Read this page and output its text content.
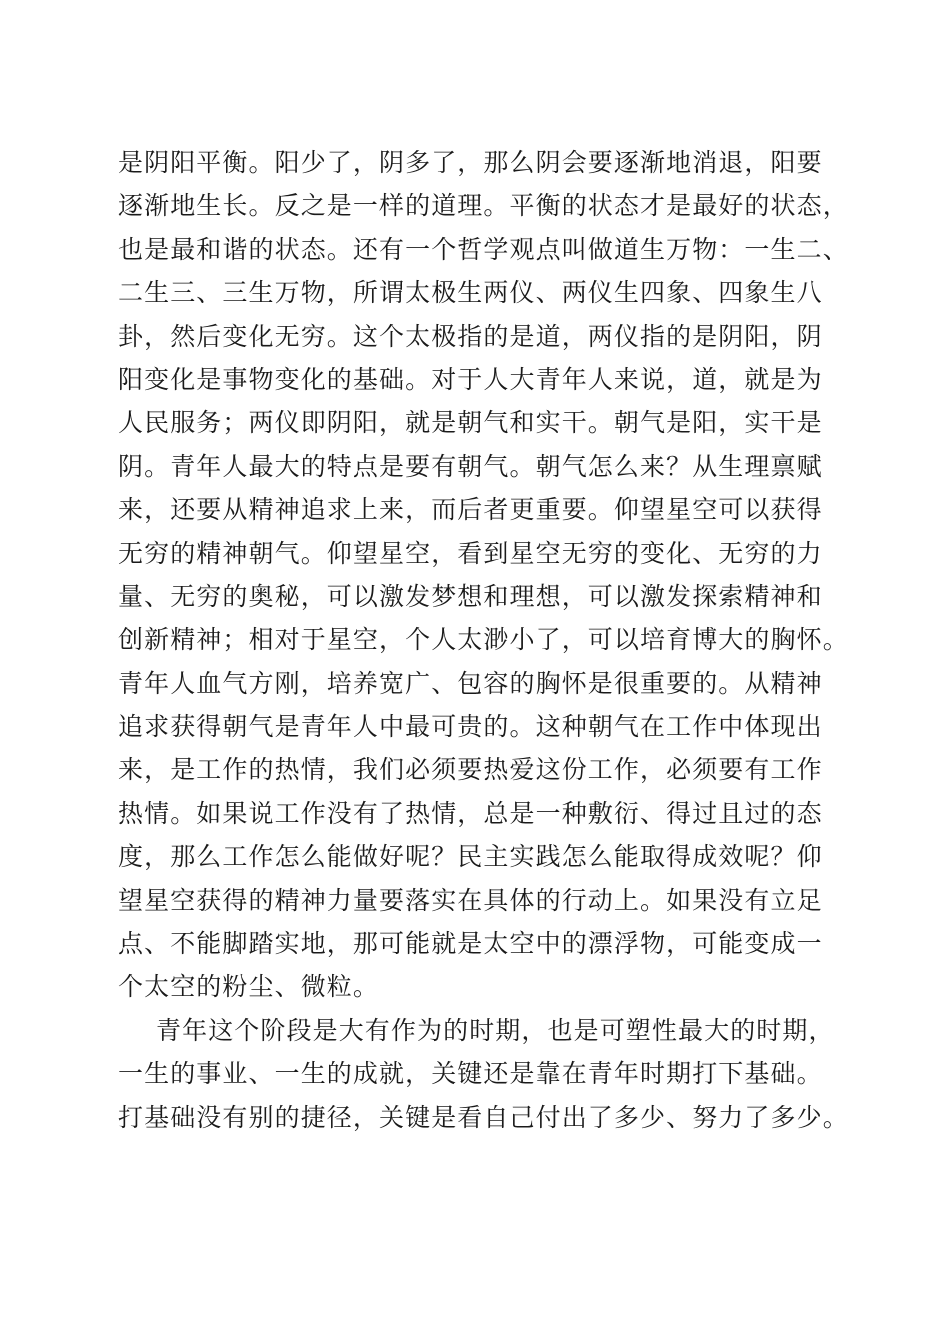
是阴阳平衡。阳少了，阴多了，那么阴会要逐渐地消退，阳要
逐渐地生长。反之是一样的道理。平衡的状态才是最好的状态，
也是最和谐的状态。还有一个哲学观点叫做道生万物：一生二、
二生三、三生万物，所谓太极生两仪、两仪生四象、四象生八
卦，然后变化无穷。这个太极指的是道，两仪指的是阴阳，阴
阳变化是事物变化的基础。对于人大青年人来说，道，就是为
人民服务；两仪即阴阳，就是朝气和实干。朝气是阳，实干是
阴。青年人最大的特点是要有朝气。朝气怎么来？从生理禀赋
来，还要从精神追求上来，而后者更重要。仰望星空可以获得
无穷的精神朝气。仰望星空，看到星空无穷的变化、无穷的力
量、无穷的奥秘，可以激发梦想和理想，可以激发探索精神和
创新精神；相对于星空，个人太渺小了，可以培育博大的胸怀。
青年人血气方刚，培养宽广、包容的胸怀是很重要的。从精神
追求获得朝气是青年人中最可贵的。这种朝气在工作中体现出
来，是工作的热情，我们必须要热爱这份工作，必须要有工作
热情。如果说工作没有了热情，总是一种敷衍、得过且过的态
度，那么工作怎么能做好呢？民主实践怎么能取得成效呢？仰
望星空获得的精神力量要落实在具体的行动上。如果没有立足
点、不能脚踏实地，那可能就是太空中的漂浮物，可能变成一
个太空的粉尘、微粒。
青年这个阶段是大有作为的时期，也是可塑性最大的时期，
一生的事业、一生的成就，关键还是靠在青年时期打下基础。
打基础没有别的捷径，关键是看自己付出了多少、努力了多少。
